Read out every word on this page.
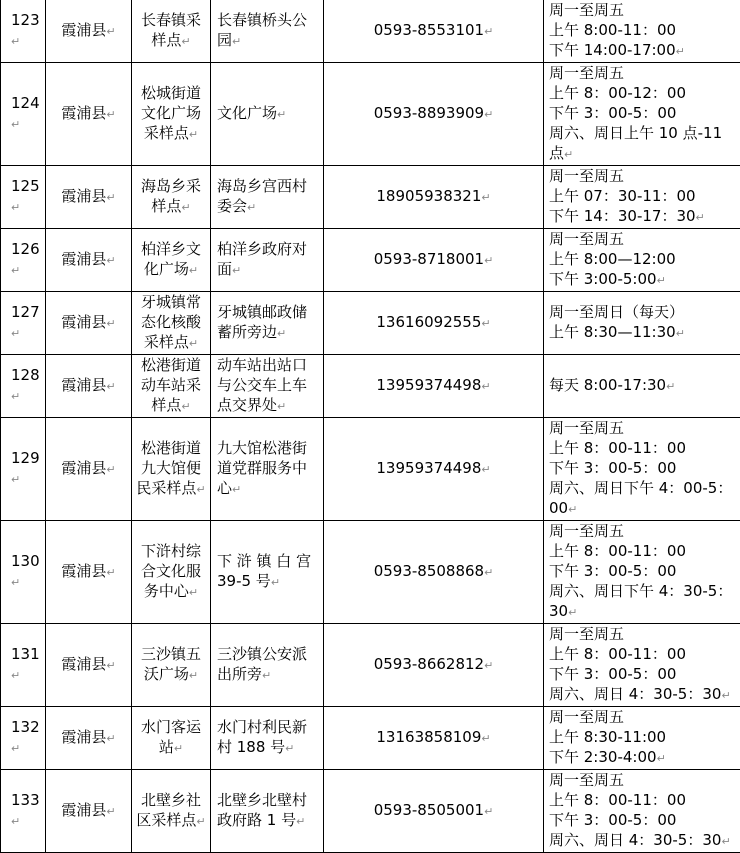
123↵	霞浦县↵	长春镇采
样点↵	长春镇桥头公
园↵	0593-8553101↵	周一至周五
上午 8:00-11：00
下午 14:00-17:00↵

124↵	霞浦县↵	松城街道
文化广场
采样点↵	文化广场↵	0593-8893909↵	周一至周五
上午 8：00-12：00
下午 3：00-5：00
周六、周日上午 10 点-11
点↵

125↵	霞浦县↵	海岛乡采
样点↵	海岛乡宫西村
委会↵	18905938321↵	周一至周五
上午 07：30-11：00
下午 14：30-17：30↵

126↵	霞浦县↵	柏洋乡文
化广场↵	柏洋乡政府对
面↵	0593-8718001↵	周一至周五
上午 8:00—12:00
下午 3:00-5:00↵

127↵	霞浦县↵	牙城镇常
态化核酸
采样点↵	牙城镇邮政储
蓄所旁边↵	13616092555↵	周一至周日（每天）
上午 8:30—11:30↵

128↵	霞浦县↵	松港街道
动车站采
样点↵	动车站出站口
与公交车上车
点交界处↵	13959374498↵	每天 8:00-17:30↵

129↵	霞浦县↵	松港街道
九大馆便
民采样点↵	九大馆松港街
道党群服务中
心↵	13959374498↵	周一至周五
上午 8：00-11：00
下午 3：00-5：00
周六、周日下午 4：00-5：
00↵

130↵	霞浦县↵	下浒村综
合文化服
务中心↵	下 浒 镇 白 宫
39-5 号↵	0593-8508868↵	周一至周五
上午 8：00-11：00
下午 3：00-5：00
周六、周日下午 4：30-5：
30↵

131↵	霞浦县↵	三沙镇五
沃广场↵	三沙镇公安派
出所旁↵	0593-8662812↵	周一至周五
上午 8：00-11：00
下午 3：00-5：00
周六、周日 4：30-5：30↵

132↵	霞浦县↵	水门客运
站↵	水门村利民新
村 188 号↵	13163858109↵	周一至周五
上午 8:30-11:00
下午 2:30-4:00↵

133↵	霞浦县↵	北壁乡社
区采样点↵	北壁乡北壁村
政府路 1 号↵	0593-8505001↵	周一至周五
上午 8：00-11：00
下午 3：00-5：00
周六、周日 4：30-5：30↵
